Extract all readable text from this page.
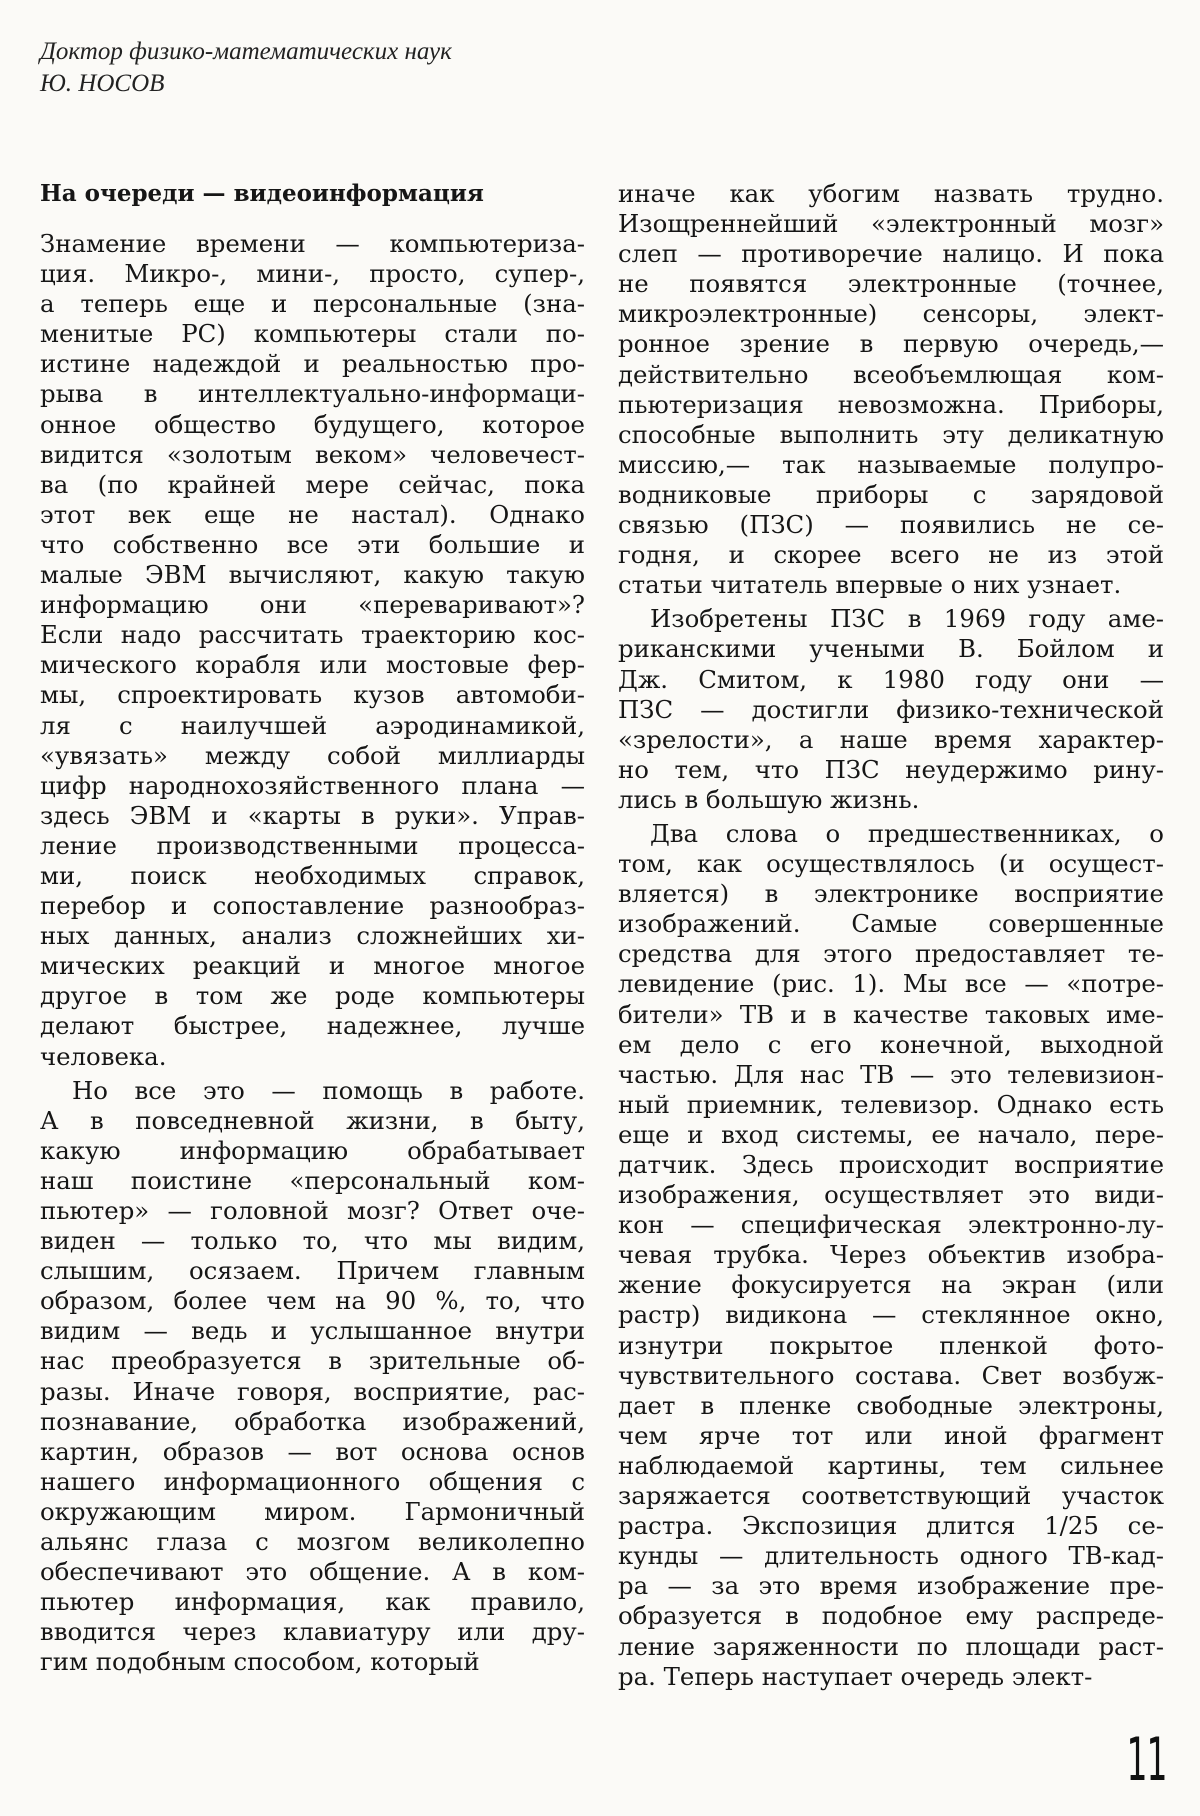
Доктор физико-математических наук
Ю. НОСОВ
На очереди — видеоинформация
Знамение времени — компьютериза-
ция. Микро-, мини-, просто, супер-,
а теперь еще и персональные (зна-
менитые PC) компьютеры стали по-
истине надеждой и реальностью про-
рыва в интеллектуально-информаци-
онное общество будущего, которое
видится «золотым веком» человечест-
ва (по крайней мере сейчас, пока
этот век еще не настал). Однако
что собственно все эти большие и
малые ЭВМ вычисляют, какую такую
информацию они «переваривают»?
Если надо рассчитать траекторию кос-
мического корабля или мостовые фер-
мы, спроектировать кузов автомоби-
ля с наилучшей аэродинамикой,
«увязать» между собой миллиарды
цифр народнохозяйственного плана —
здесь ЭВМ и «карты в руки». Управ-
ление производственными процесса-
ми, поиск необходимых справок,
перебор и сопоставление разнообраз-
ных данных, анализ сложнейших хи-
мических реакций и многое многое
другое в том же роде компьютеры
делают быстрее, надежнее, лучше
человека.
Но все это — помощь в работе.
А в повседневной жизни, в быту,
какую информацию обрабатывает
наш поистине «персональный ком-
пьютер» — головной мозг? Ответ оче-
виден — только то, что мы видим,
слышим, осязаем. Причем главным
образом, более чем на 90 %, то, что
видим — ведь и услышанное внутри
нас преобразуется в зрительные об-
разы. Иначе говоря, восприятие, рас-
познавание, обработка изображений,
картин, образов — вот основа основ
нашего информационного общения с
окружающим миром. Гармоничный
альянс глаза с мозгом великолепно
обеспечивают это общение. А в ком-
пьютер информация, как правило,
вводится через клавиатуру или дру-
гим подобным способом, который
иначе как убогим назвать трудно.
Изощреннейший «электронный мозг»
слеп — противоречие налицо. И пока
не появятся электронные (точнее,
микроэлектронные) сенсоры, элект-
ронное зрение в первую очередь,—
действительно всеобъемлющая ком-
пьютеризация невозможна. Приборы,
способные выполнить эту деликатную
миссию,— так называемые полупро-
водниковые приборы с зарядовой
связью (ПЗС) — появились не се-
годня, и скорее всего не из этой
статьи читатель впервые о них узнает.
Изобретены ПЗС в 1969 году аме-
риканскими учеными В. Бойлом и
Дж. Смитом, к 1980 году они —
ПЗС — достигли физико-технической
«зрелости», а наше время характер-
но тем, что ПЗС неудержимо рину-
лись в большую жизнь.
Два слова о предшественниках, о
том, как осуществлялось (и осущест-
вляется) в электронике восприятие
изображений. Самые совершенные
средства для этого предоставляет те-
левидение (рис. 1). Мы все — «потре-
бители» ТВ и в качестве таковых име-
ем дело с его конечной, выходной
частью. Для нас ТВ — это телевизион-
ный приемник, телевизор. Однако есть
еще и вход системы, ее начало, пере-
датчик. Здесь происходит восприятие
изображения, осуществляет это види-
кон — специфическая электронно-лу-
чевая трубка. Через объектив изобра-
жение фокусируется на экран (или
растр) видикона — стеклянное окно,
изнутри покрытое пленкой фото-
чувствительного состава. Свет возбуж-
дает в пленке свободные электроны,
чем ярче тот или иной фрагмент
наблюдаемой картины, тем сильнее
заряжается соответствующий участок
растра. Экспозиция длится 1/25 се-
кунды — длительность одного ТВ-кад-
ра — за это время изображение пре-
образуется в подобное ему распреде-
ление заряженности по площади раст-
ра. Теперь наступает очередь элект-
11
